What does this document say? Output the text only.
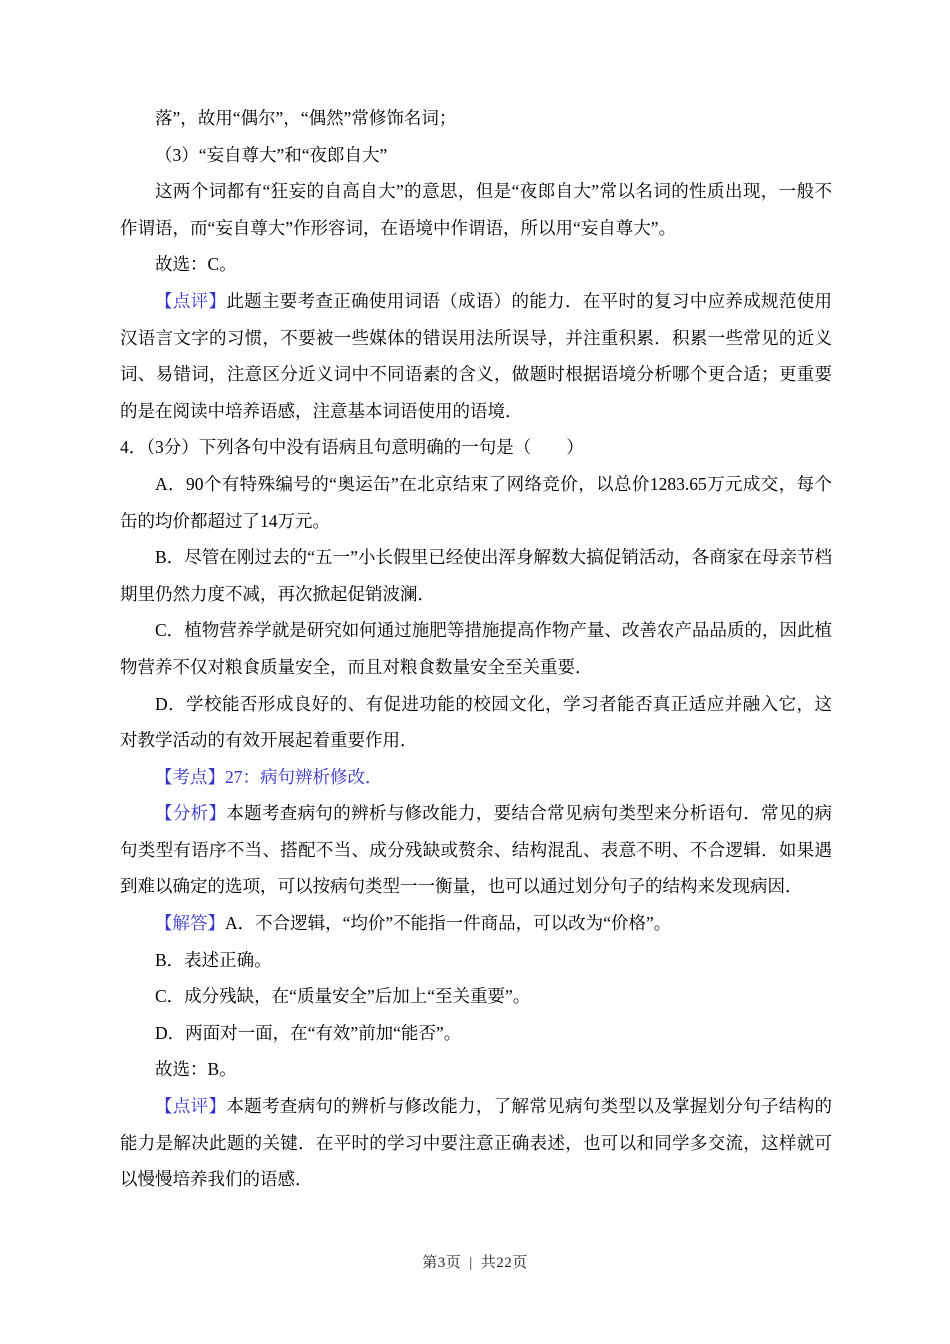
落”，故用“偶尔”，“偶然”常修饰名词；
（3）“妄自尊大”和“夜郎自大”
这两个词都有“狂妄的自高自大”的意思，但是“夜郎自大”常以名词的性质出现，一般不作谓语，而“妄自尊大”作形容词，在语境中作谓语，所以用“妄自尊大”。
故选：C。
【点评】此题主要考查正确使用词语（成语）的能力．在平时的复习中应养成规范使用汉语言文字的习惯，不要被一些媒体的错误用法所误导，并注重积累．积累一些常见的近义词、易错词，注意区分近义词中不同语素的含义，做题时根据语境分析哪个更合适；更重要的是在阅读中培养语感，注意基本词语使用的语境．
4．（3分）下列各句中没有语病且句意明确的一句是（　　）
A．90个有特殊编号的“奥运缶”在北京结束了网络竞价，以总价1283.65万元成交，每个缶的均价都超过了14万元。
B．尽管在刚过去的“五一”小长假里已经使出浑身解数大搞促销活动，各商家在母亲节档期里仍然力度不减，再次掀起促销波澜．
C．植物营养学就是研究如何通过施肥等措施提高作物产量、改善农产品品质的，因此植物营养不仅对粮食质量安全，而且对粮食数量安全至关重要．
D．学校能否形成良好的、有促进功能的校园文化，学习者能否真正适应并融入它，这对教学活动的有效开展起着重要作用．
【考点】27：病句辨析修改．
【分析】本题考查病句的辨析与修改能力，要结合常见病句类型来分析语句．常见的病句类型有语序不当、搭配不当、成分残缺或赘余、结构混乱、表意不明、不合逻辑．如果遇到难以确定的选项，可以按病句类型一一衡量，也可以通过划分句子的结构来发现病因．
【解答】A．不合逻辑，“均价”不能指一件商品，可以改为“价格”。
B．表述正确。
C．成分残缺，在“质量安全”后加上“至关重要”。
D．两面对一面，在“有效”前加“能否”。
故选：B。
【点评】本题考查病句的辨析与修改能力，了解常见病句类型以及掌握划分句子结构的能力是解决此题的关键．在平时的学习中要注意正确表述，也可以和同学多交流，这样就可以慢慢培养我们的语感．
第3页 | 共22页
